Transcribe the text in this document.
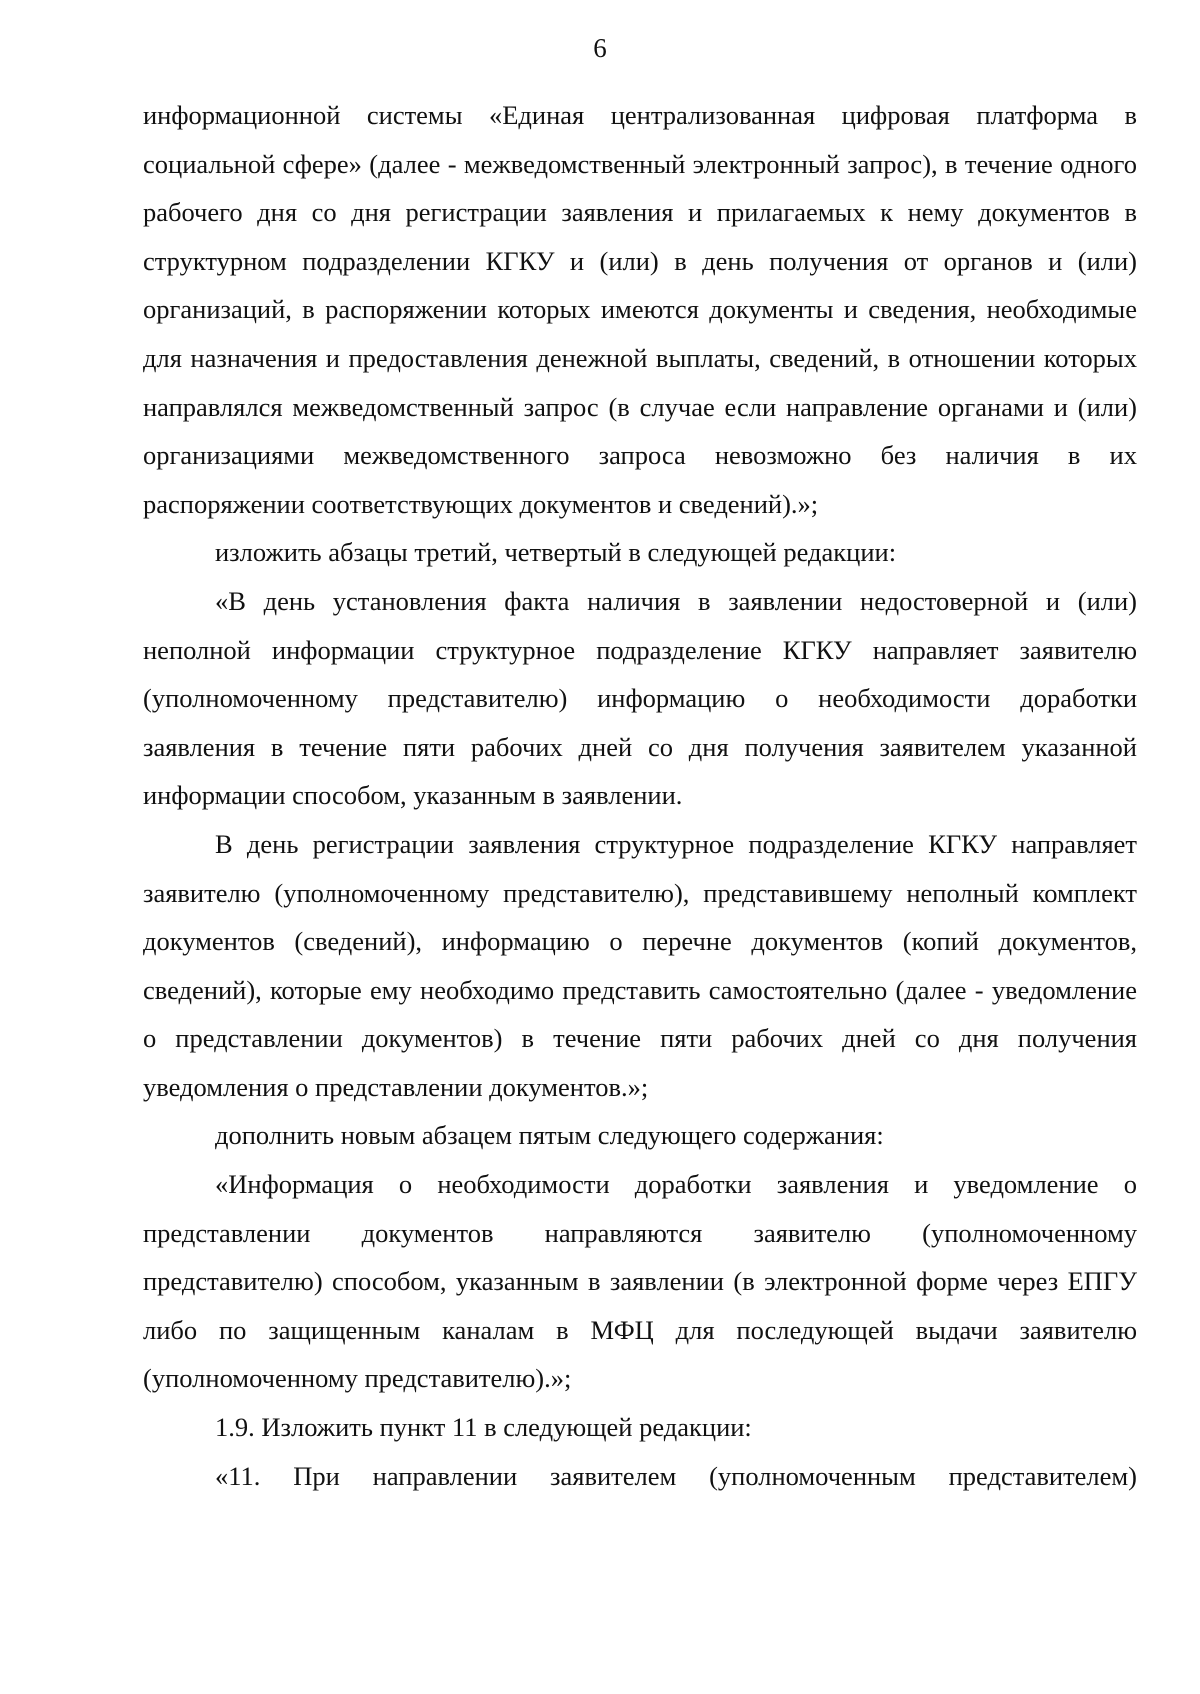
6

информационной системы «Единая централизованная цифровая платформа в социальной сфере» (далее - межведомственный электронный запрос), в течение одного рабочего дня со дня регистрации заявления и прилагаемых к нему документов в структурном подразделении КГКУ и (или) в день получения от органов и (или) организаций, в распоряжении которых имеются документы и сведения, необходимые для назначения и предоставления денежной выплаты, сведений, в отношении которых направлялся межведомственный запрос (в случае если направление органами и (или) организациями межведомственного запроса невозможно без наличия в их распоряжении соответствующих документов и сведений).»;

изложить абзацы третий, четвертый в следующей редакции:

«В день установления факта наличия в заявлении недостоверной и (или) неполной информации структурное подразделение КГКУ направляет заявителю (уполномоченному представителю) информацию о необходимости доработки заявления в течение пяти рабочих дней со дня получения заявителем указанной информации способом, указанным в заявлении.

В день регистрации заявления структурное подразделение КГКУ направляет заявителю (уполномоченному представителю), представившему неполный комплект документов (сведений), информацию о перечне документов (копий документов, сведений), которые ему необходимо представить самостоятельно (далее - уведомление о представлении документов) в течение пяти рабочих дней со дня получения уведомления о представлении документов.»;

дополнить новым абзацем пятым следующего содержания:

«Информация о необходимости доработки заявления и уведомление о представлении документов направляются заявителю (уполномоченному представителю) способом, указанным в заявлении (в электронной форме через ЕПГУ либо по защищенным каналам в МФЦ для последующей выдачи заявителю (уполномоченному представителю).»;

1.9. Изложить пункт 11 в следующей редакции:

«11. При направлении заявителем (уполномоченным представителем)
